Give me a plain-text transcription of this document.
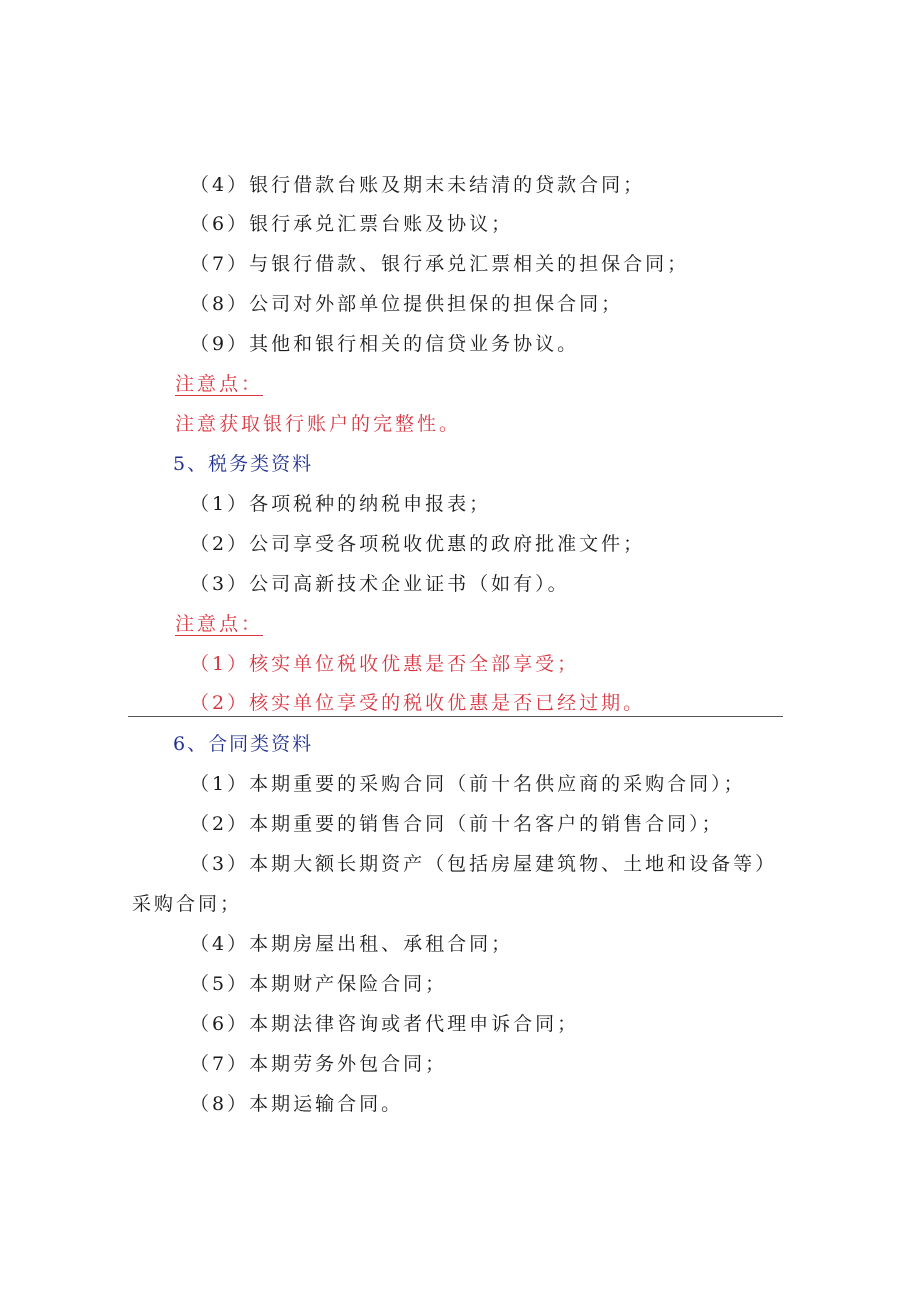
（4）银行借款台账及期末未结清的贷款合同；
（6）银行承兑汇票台账及协议；
（7）与银行借款、银行承兑汇票相关的担保合同；
（8）公司对外部单位提供担保的担保合同；
（9）其他和银行相关的信贷业务协议。
注意点：
注意获取银行账户的完整性。
5、税务类资料
（1）各项税种的纳税申报表；
（2）公司享受各项税收优惠的政府批准文件；
（3）公司高新技术企业证书（如有）。
注意点：
（1）核实单位税收优惠是否全部享受；
（2）核实单位享受的税收优惠是否已经过期。
6、合同类资料
（1）本期重要的采购合同（前十名供应商的采购合同）；
（2）本期重要的销售合同（前十名客户的销售合同）；
（3）本期大额长期资产（包括房屋建筑物、土地和设备等）
采购合同；
（4）本期房屋出租、承租合同；
（5）本期财产保险合同；
（6）本期法律咨询或者代理申诉合同；
（7）本期劳务外包合同；
（8）本期运输合同。
